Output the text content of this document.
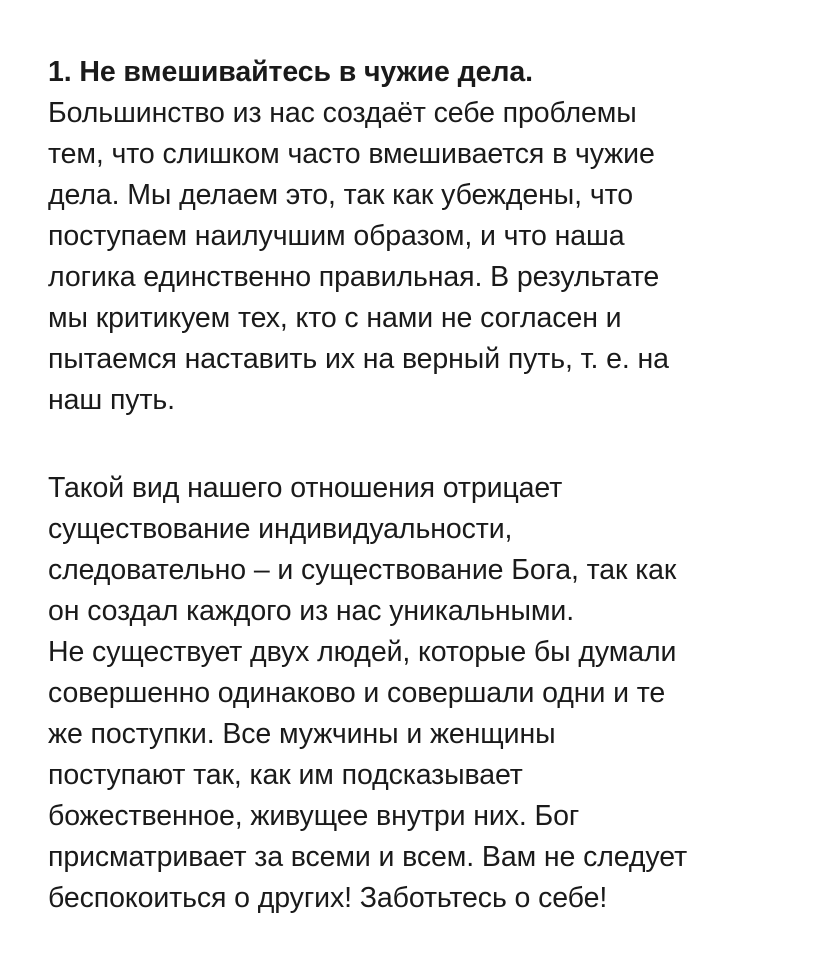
1. Не вмешивайтесь в чужие дела.
Большинство из нас создаёт себе проблемы
тем, что слишком часто вмешивается в чужие
дела. Мы делаем это, так как убеждены, что
поступаем наилучшим образом, и что наша
логика единственно правильная. В результате
мы критикуем тех, кто с нами не согласен и
пытаемся наставить их на верный путь, т. е. на
наш путь.
Такой вид нашего отношения отрицает
существование индивидуальности,
следовательно – и существование Бога, так как
он создал каждого из нас уникальными.
Не существует двух людей, которые бы думали
совершенно одинаково и совершали одни и те
же поступки. Все мужчины и женщины
поступают так, как им подсказывает
божественное, живущее внутри них. Бог
присматривает за всеми и всем. Вам не следует
беспокоиться о других! Заботьтесь о себе!
